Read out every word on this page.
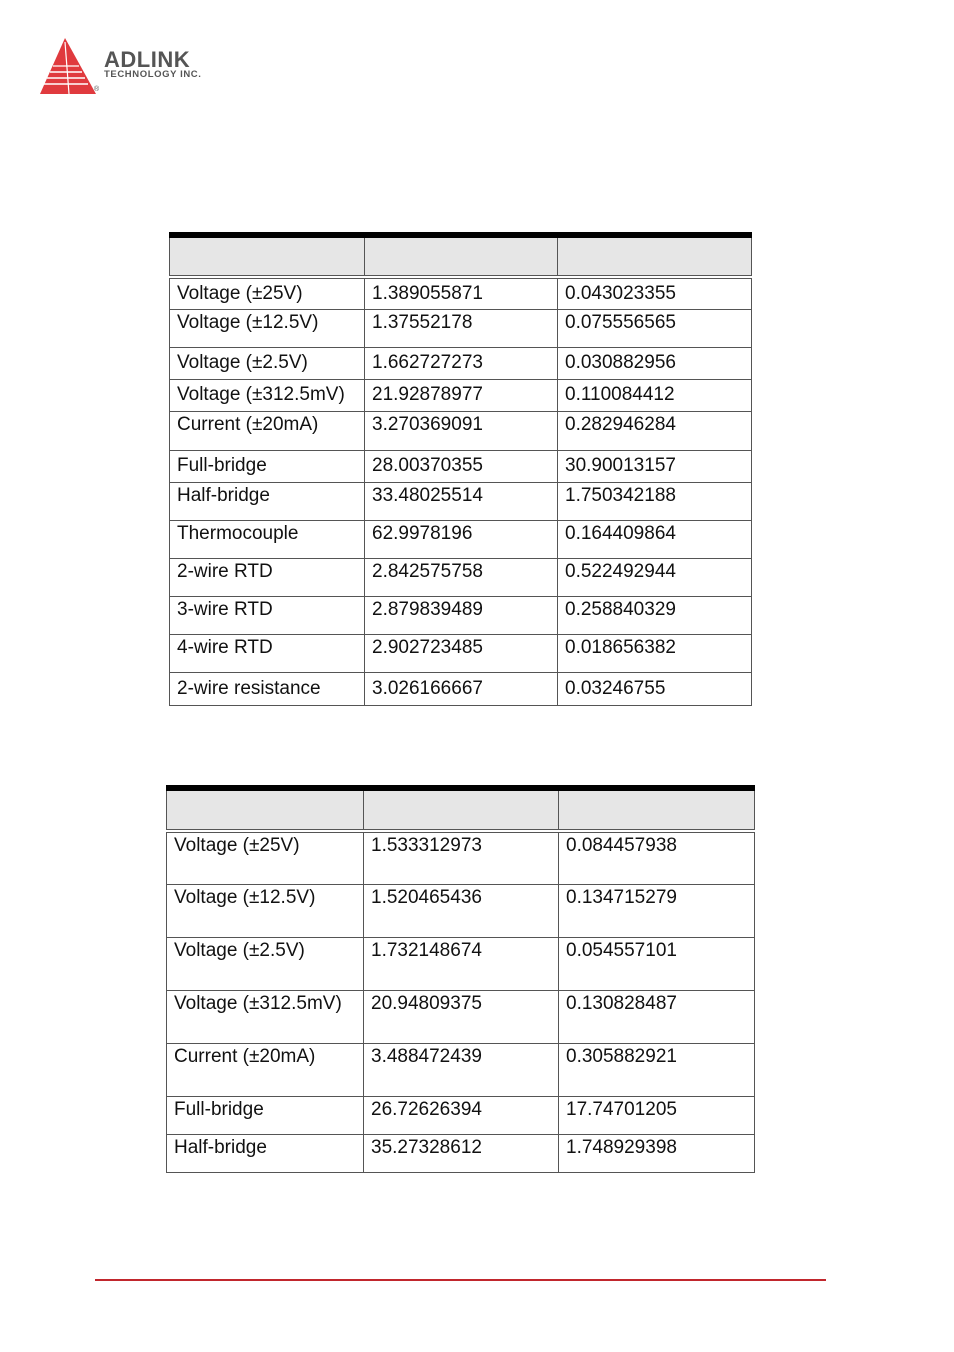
ADLINK
TECHNOLOGY INC.
®

Voltage (±25V)	1.389055871	0.043023355
Voltage (±12.5V)	1.37552178	0.075556565
Voltage (±2.5V)	1.662727273	0.030882956
Voltage (±312.5mV)	21.92878977	0.110084412
Current (±20mA)	3.270369091	0.282946284
Full-bridge	28.00370355	30.90013157
Half-bridge	33.48025514	1.750342188
Thermocouple	62.9978196	0.164409864
2-wire RTD	2.842575758	0.522492944
3-wire RTD	2.879839489	0.258840329
4-wire RTD	2.902723485	0.018656382
2-wire resistance	3.026166667	0.03246755

Voltage (±25V)	1.533312973	0.084457938
Voltage (±12.5V)	1.520465436	0.134715279
Voltage (±2.5V)	1.732148674	0.054557101
Voltage (±312.5mV)	20.94809375	0.130828487
Current (±20mA)	3.488472439	0.305882921
Full-bridge	26.72626394	17.74701205
Half-bridge	35.27328612	1.748929398
